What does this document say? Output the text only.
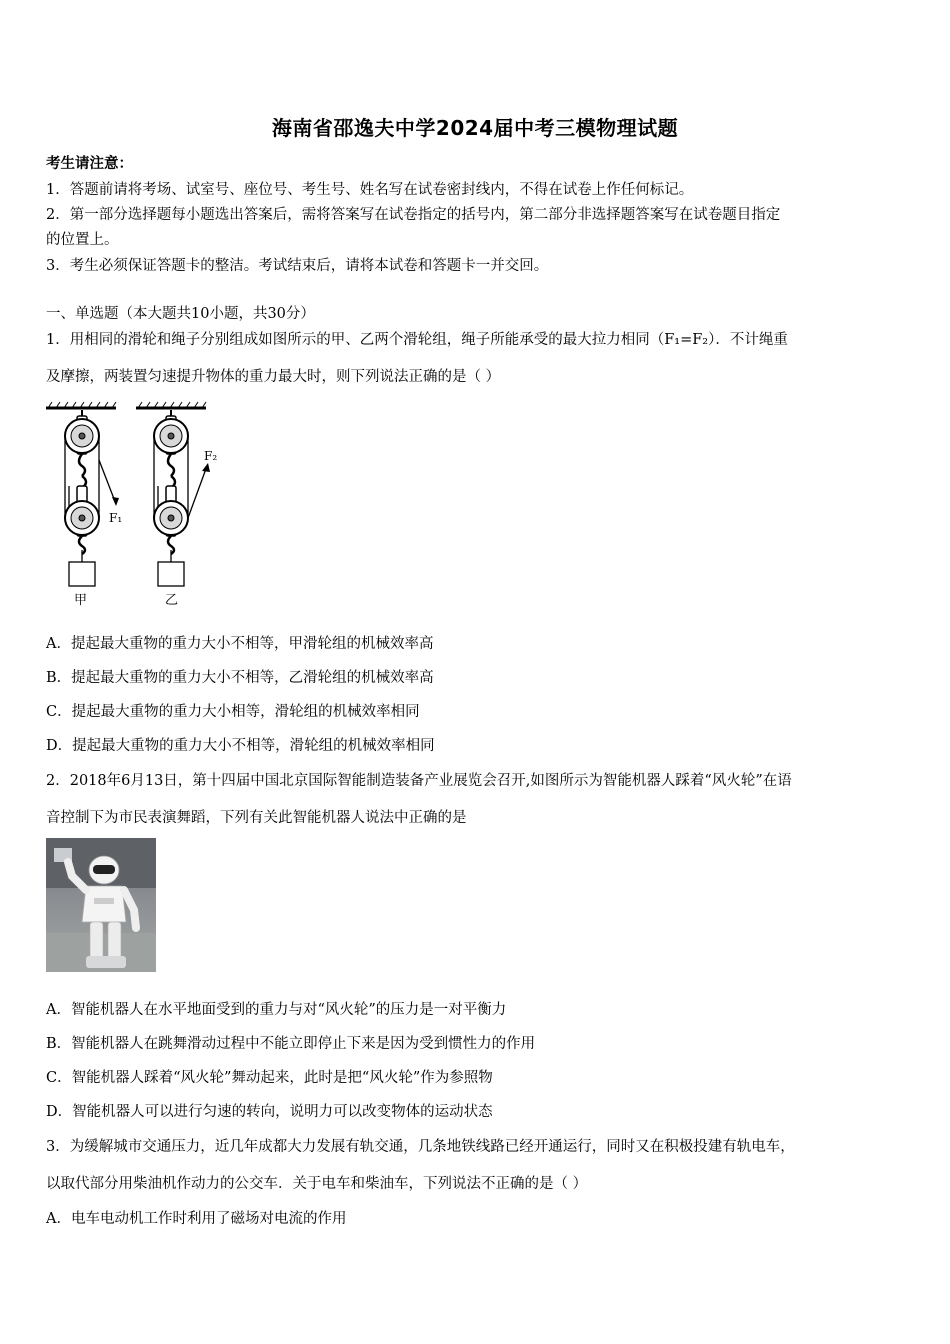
海南省邵逸夫中学2024届中考三模物理试题
考生请注意：
1．答题前请将考场、试室号、座位号、考生号、姓名写在试卷密封线内，不得在试卷上作任何标记。
2．第一部分选择题每小题选出答案后，需将答案写在试卷指定的括号内，第二部分非选择题答案写在试卷题目指定
的位置上。
3．考生必须保证答题卡的整洁。考试结束后，请将本试卷和答题卡一并交回。
一、单选题（本大题共10小题，共30分）
1．用相同的滑轮和绳子分别组成如图所示的甲、乙两个滑轮组，绳子所能承受的最大拉力相同（F₁=F₂）．不计绳重
及摩擦，两装置匀速提升物体的重力最大时，则下列说法正确的是（ ）
F₁
F₂
甲	乙
A．提起最大重物的重力大小不相等，甲滑轮组的机械效率高
B．提起最大重物的重力大小不相等，乙滑轮组的机械效率高
C．提起最大重物的重力大小相等，滑轮组的机械效率相同
D．提起最大重物的重力大小不相等，滑轮组的机械效率相同
2．2018年6月13日，第十四届中国北京国际智能制造装备产业展览会召开,如图所示为智能机器人踩着“风火轮”在语
音控制下为市民表演舞蹈，下列有关此智能机器人说法中正确的是
A．智能机器人在水平地面受到的重力与对“风火轮”的压力是一对平衡力
B．智能机器人在跳舞滑动过程中不能立即停止下来是因为受到惯性力的作用
C．智能机器人踩着“风火轮”舞动起来，此时是把“风火轮”作为参照物
D．智能机器人可以进行匀速的转向，说明力可以改变物体的运动状态
3．为缓解城市交通压力，近几年成都大力发展有轨交通，几条地铁线路已经开通运行，同时又在积极投建有轨电车，
以取代部分用柴油机作动力的公交车．关于电车和柴油车，下列说法不正确的是（ ）
A．电车电动机工作时利用了磁场对电流的作用
